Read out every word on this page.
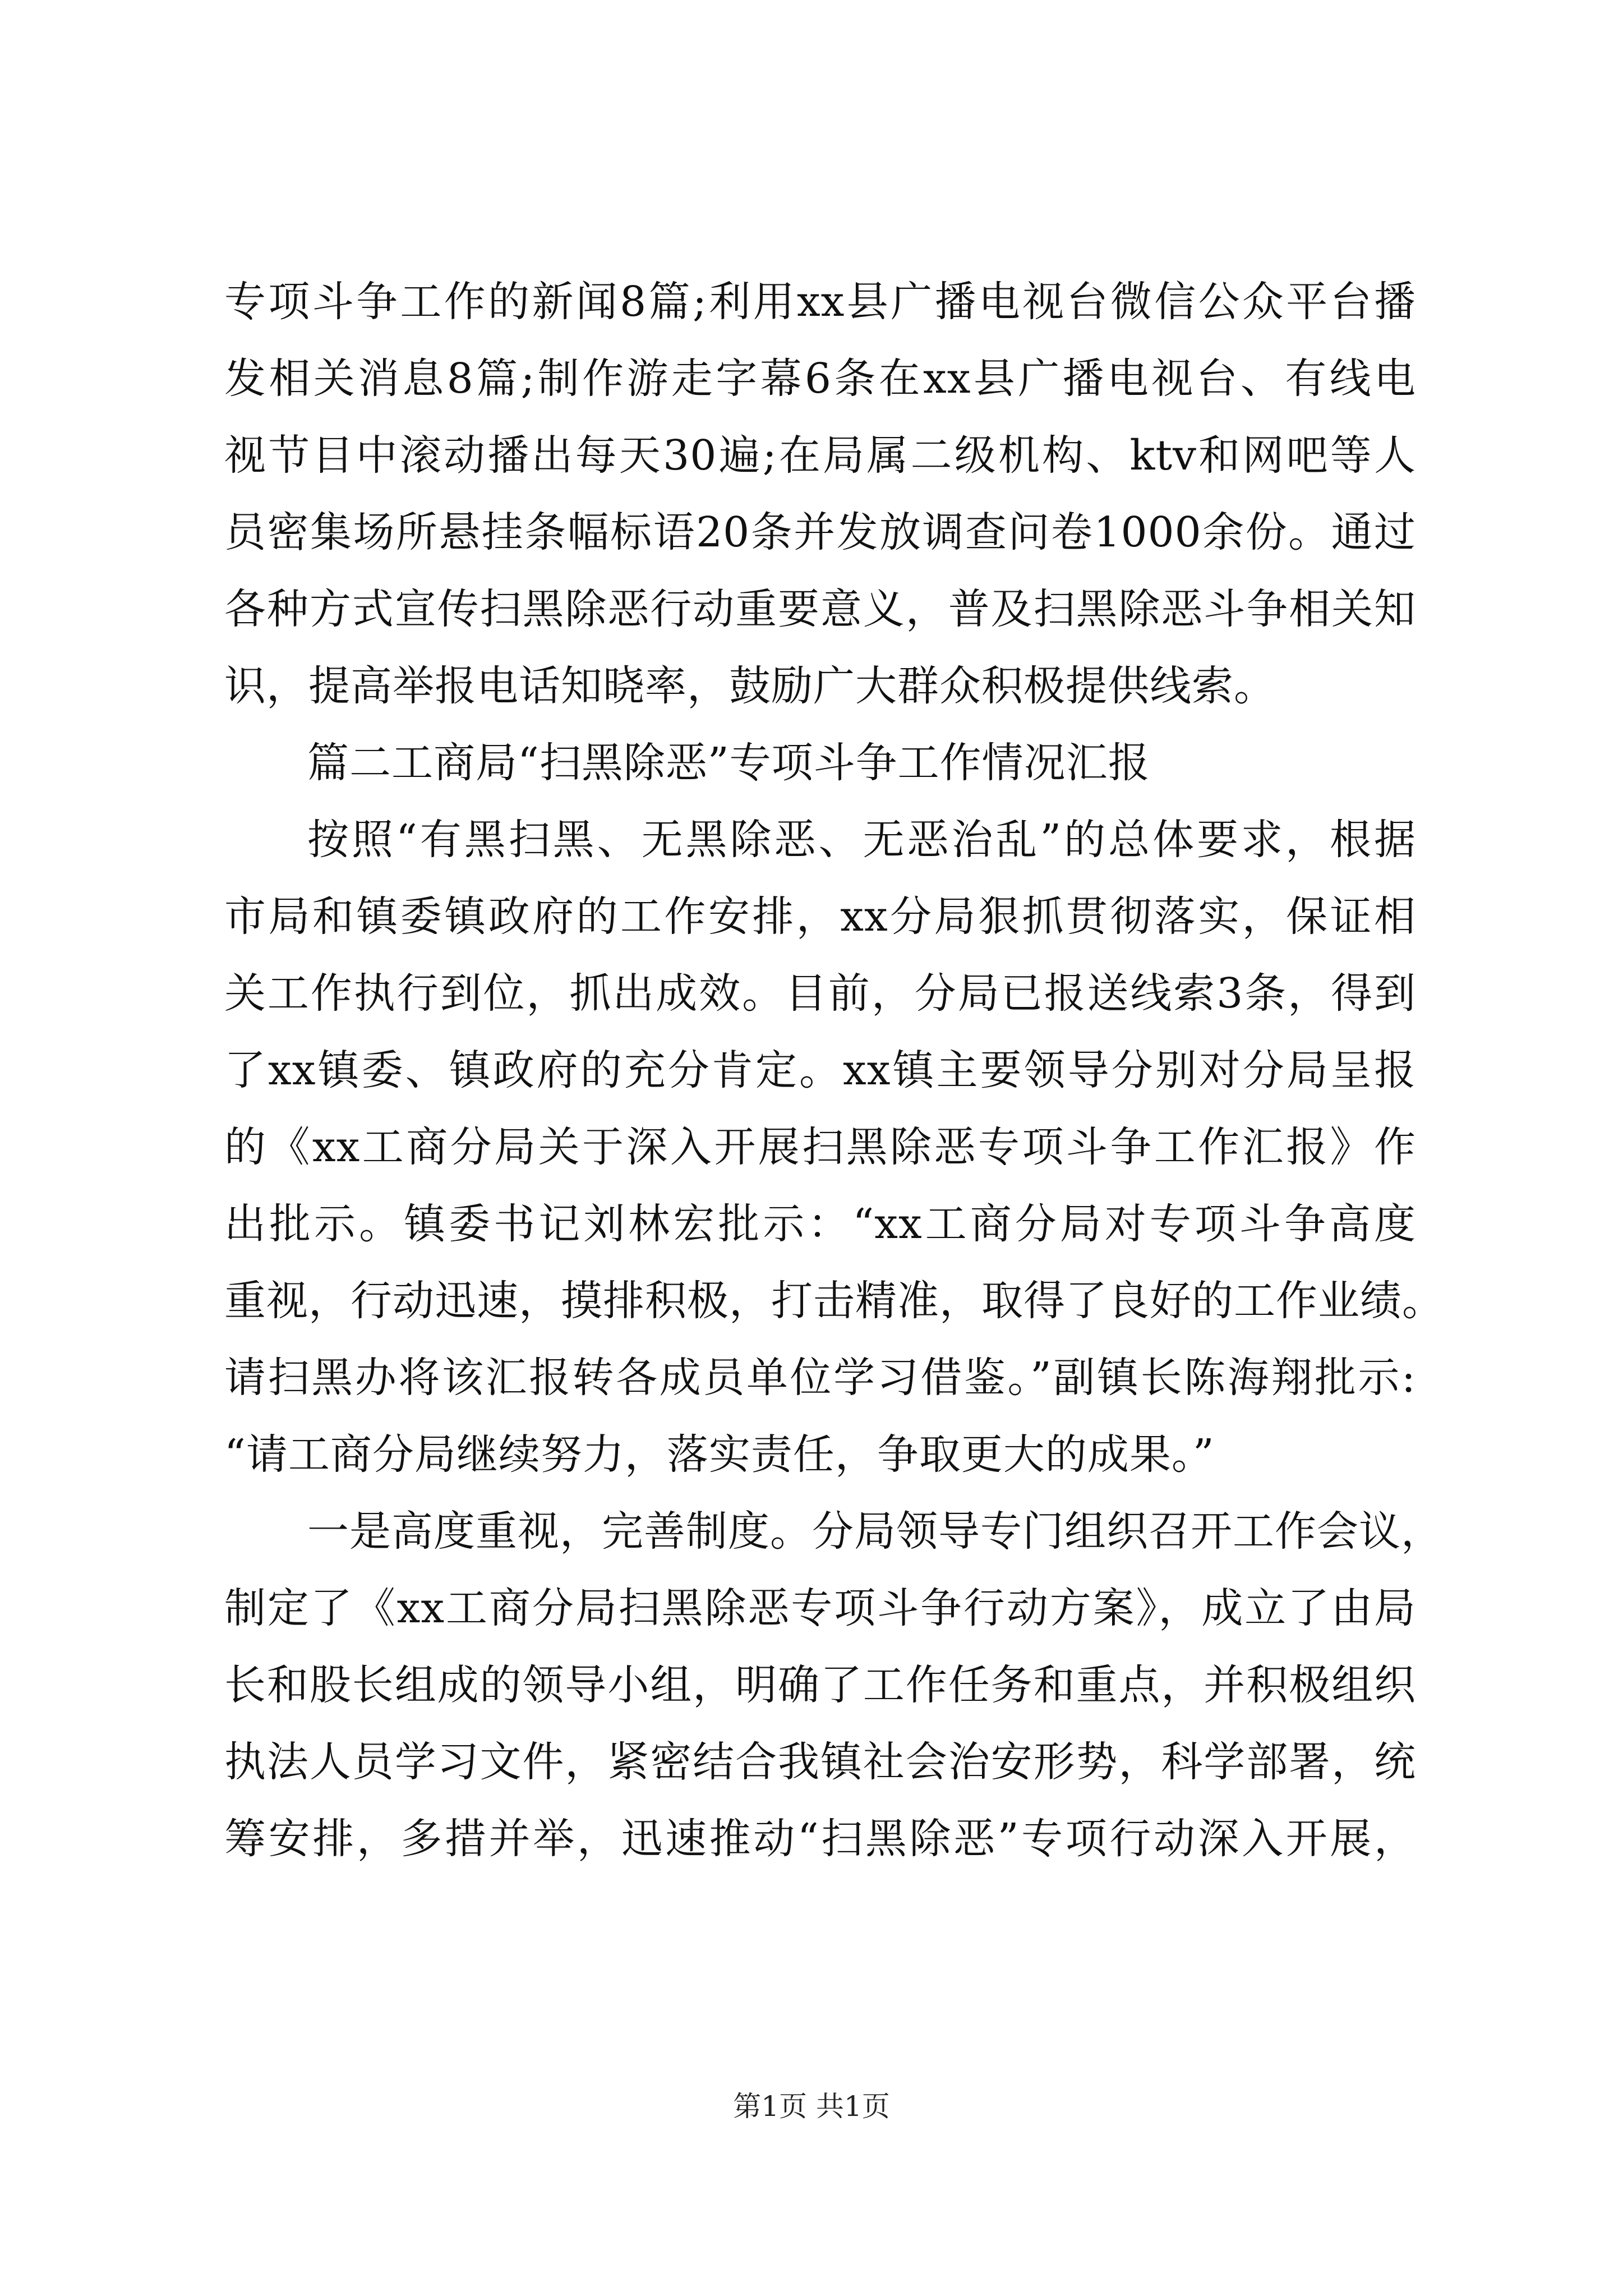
专项斗争工作的新闻8篇;利用xx县广播电视台微信公众平台播
发相关消息8篇;制作游走字幕6条在xx县广播电视台、有线电
视节目中滚动播出每天30遍;在局属二级机构、ktv和网吧等人
员密集场所悬挂条幅标语20条并发放调查问卷1000余份。通过
各种方式宣传扫黑除恶行动重要意义，普及扫黑除恶斗争相关知
识，提高举报电话知晓率，鼓励广大群众积极提供线索。
篇二工商局“扫黑除恶”专项斗争工作情况汇报
按照“有黑扫黑、无黑除恶、无恶治乱”的总体要求，根据
市局和镇委镇政府的工作安排，xx分局狠抓贯彻落实，保证相
关工作执行到位，抓出成效。目前，分局已报送线索3条，得到
了xx镇委、镇政府的充分肯定。xx镇主要领导分别对分局呈报
的《xx工商分局关于深入开展扫黑除恶专项斗争工作汇报》作
出批示。镇委书记刘林宏批示：“xx工商分局对专项斗争高度
重视，行动迅速，摸排积极，打击精准，取得了良好的工作业绩。
请扫黑办将该汇报转各成员单位学习借鉴。”副镇长陈海翔批示:
“请工商分局继续努力，落实责任，争取更大的成果。”
一是高度重视，完善制度。分局领导专门组织召开工作会议，
制定了《xx工商分局扫黑除恶专项斗争行动方案》，成立了由局
长和股长组成的领导小组，明确了工作任务和重点，并积极组织
执法人员学习文件，紧密结合我镇社会治安形势，科学部署，统
筹安排，多措并举，迅速推动“扫黑除恶”专项行动深入开展，
第1页 共1页
